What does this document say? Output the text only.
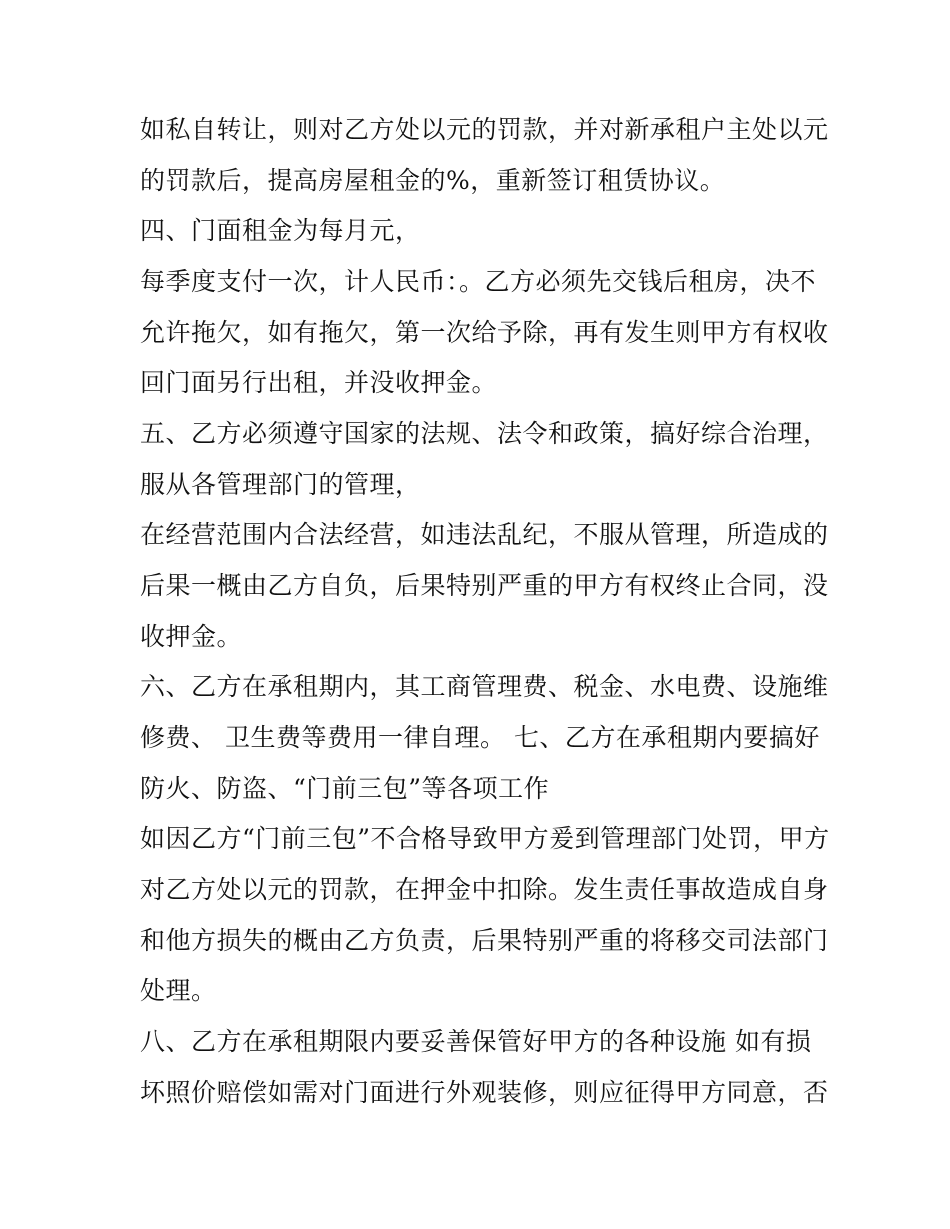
如私自转让，则对乙方处以元的罚款，并对新承租户主处以元
的罚款后，提高房屋租金的%，重新签订租赁协议。
四、门面租金为每月元，
每季度支付一次，计人民币：。乙方必须先交钱后租房，决不
允许拖欠，如有拖欠，第一次给予除，再有发生则甲方有权收
回门面另行出租，并没收押金。
五、乙方必须遵守国家的法规、法令和政策，搞好综合治理，
服从各管理部门的管理，
在经营范围内合法经营，如违法乱纪，不服从管理，所造成的
后果一概由乙方自负，后果特别严重的甲方有权终止合同，没
收押金。
六、乙方在承租期内，其工商管理费、税金、水电费、设施维
修费、 卫生费等费用一律自理。 七、乙方在承租期内要搞好
防火、防盗、“门前三包”等各项工作
如因乙方“门前三包”不合格导致甲方爰到管理部门处罚，甲方
对乙方处以元的罚款，在押金中扣除。发生责任事故造成自身
和他方损失的概由乙方负责，后果特别严重的将移交司法部门
处理。
八、乙方在承租期限内要妥善保管好甲方的各种设施 如有损
坏照价赔偿如需对门面进行外观装修，则应征得甲方同意，否
